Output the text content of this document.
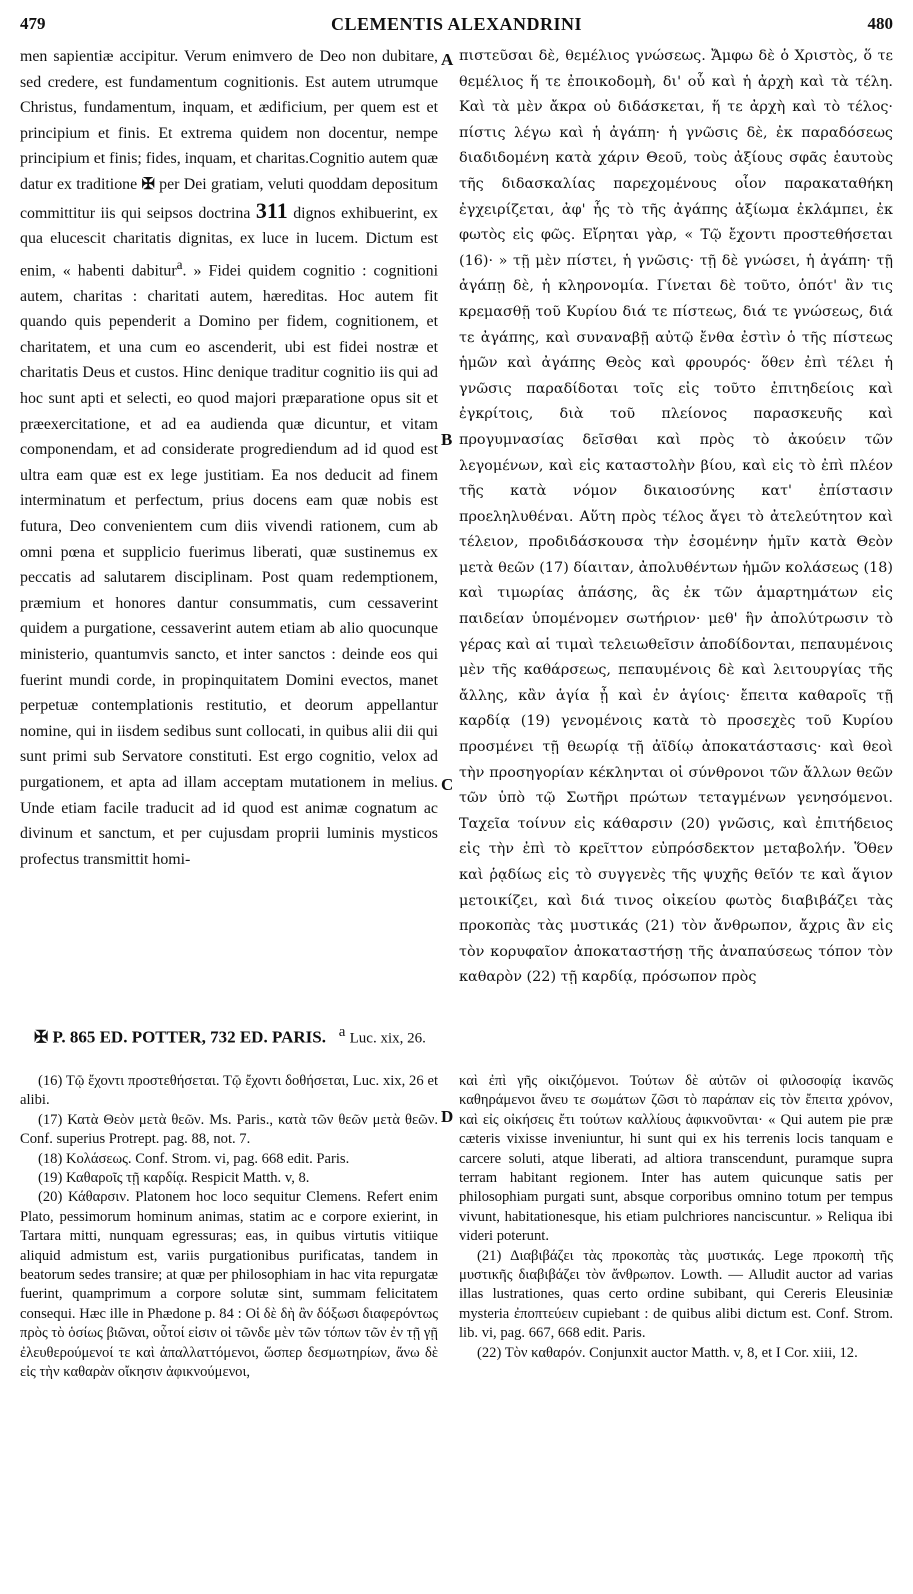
479	CLEMENTIS ALEXANDRINI	480

men sapientiæ accipitur. Verum enimvero de Deo non dubitare, sed credere, est fundamentum cognitionis. Est autem utrumque Christus, fundamentum, inquam, et ædificium, per quem est et principium et finis. Et extrema quidem non docentur, nempe principium et finis; fides, inquam, et charitas.Cognitio autem quæ datur ex traditione ✠ per Dei gratiam, veluti quoddam depositum committitur iis qui seipsos doctrina 311 dignos exhibuerint, ex qua elucescit charitatis dignitas, ex luce in lucem. Dictum est enim, « habenti dabitur$^a$. » Fidei quidem cognitio : cognitioni autem, charitas : charitati autem, hæreditas. Hoc autem fit quando quis pependerit a Domino per fidem, cognitionem, et charitatem, et una cum eo ascenderit, ubi est fidei nostræ et charitatis Deus et custos. Hinc denique traditur cognitio iis qui ad hoc sunt apti et selecti, eo quod majori præparatione opus sit et præexercitatione, et ad ea audienda quæ dicuntur, et vitam componendam, et ad considerate progrediendum ad id quod est ultra eam quæ est ex lege justitiam. Ea nos deducit ad finem interminatum et perfectum, prius docens eam quæ nobis est futura, Deo convenientem cum diis vivendi rationem, cum ab omni pœna et supplicio fuerimus liberati, quæ sustinemus ex peccatis ad salutarem disciplinam. Post quam redemptionem, præmium et honores dantur consummatis, cum cessaverint quidem a purgatione, cessaverint autem etiam ab alio quocunque ministerio, quantumvis sancto, et inter sanctos : deinde eos qui fuerint mundi corde, in propinquitatem Domini evectos, manet perpetuæ contemplationis restitutio, et deorum appellantur nomine, qui in iisdem sedibus sunt collocati, in quibus alii dii qui sunt primi sub Servatore constituti. Est ergo cognitio, velox ad purgationem, et apta ad illam acceptam mutationem in melius. Unde etiam facile traducit ad id quod est animæ cognatum ac divinum et sanctum, et per cujusdam proprii luminis mysticos profectus transmittit homi-

A
B
C
D

πιστεῦσαι δὲ, θεμέλιος γνώσεως. Ἄμφω δὲ ὁ Χριστὸς, ὅ τε θεμέλιος ἥ τε ἐποικοδομὴ, δι' οὗ καὶ ἡ ἀρχὴ καὶ τὰ τέλη. Καὶ τὰ μὲν ἄκρα οὐ διδάσκεται, ἥ τε ἀρχὴ καὶ τὸ τέλος· πίστις λέγω καὶ ἡ ἀγάπη· ἡ γνῶσις δὲ, ἐκ παραδόσεως διαδιδομένη κατὰ χάριν Θεοῦ, τοὺς ἀξίους σφᾶς ἑαυτοὺς τῆς διδασκαλίας παρεχομένους οἷον παρακαταθήκη ἐγχειρίζεται, ἀφ' ἧς τὸ τῆς ἀγάπης ἀξίωμα ἐκλάμπει, ἐκ φωτὸς εἰς φῶς. Εἴρηται γὰρ, « Τῷ ἔχοντι προστεθήσεται (16)· » τῇ μὲν πίστει, ἡ γνῶσις· τῇ δὲ γνώσει, ἡ ἀγάπη· τῇ ἀγάπῃ δὲ, ἡ κληρονομία. Γίνεται δὲ τοῦτο, ὁπότ' ἂν τις κρεμασθῇ τοῦ Κυρίου διά τε πίστεως, διά τε γνώσεως, διά τε ἀγάπης, καὶ συναναβῇ αὐτῷ ἔνθα ἐστὶν ὁ τῆς πίστεως ἡμῶν καὶ ἀγάπης Θεὸς καὶ φρουρός· ὅθεν ἐπὶ τέλει ἡ γνῶσις παραδίδοται τοῖς εἰς τοῦτο ἐπιτηδείοις καὶ ἐγκρίτοις, διὰ τοῦ πλείονος παρασκευῆς καὶ προγυμνασίας δεῖσθαι καὶ πρὸς τὸ ἀκούειν τῶν λεγομένων, καὶ εἰς καταστολὴν βίου, καὶ εἰς τὸ ἐπὶ πλέον τῆς κατὰ νόμον δικαιοσύνης κατ' ἐπίστασιν προεληλυθέναι. Αὕτη πρὸς τέλος ἄγει τὸ ἀτελεύτητον καὶ τέλειον, προδιδάσκουσα τὴν ἐσομένην ἡμῖν κατὰ Θεὸν μετὰ θεῶν (17) δίαιταν, ἀπολυθέντων ἡμῶν κολάσεως (18) καὶ τιμωρίας ἁπάσης, ἃς ἐκ τῶν ἁμαρτημάτων εἰς παιδείαν ὑπομένομεν σωτήριον· μεθ' ἣν ἀπολύτρωσιν τὸ γέρας καὶ αἱ τιμαὶ τελειωθεῖσιν ἀποδίδονται, πεπαυμένοις μὲν τῆς καθάρσεως, πεπαυμένοις δὲ καὶ λειτουργίας τῆς ἄλλης, κἂν ἁγία ᾖ καὶ ἐν ἁγίοις· ἔπειτα καθαροῖς τῇ καρδίᾳ (19) γενομένοις κατὰ τὸ προσεχὲς τοῦ Κυρίου προσμένει τῇ θεωρίᾳ τῇ ἀϊδίῳ ἀποκατάστασις· καὶ θεοὶ τὴν προσηγορίαν κέκληνται οἱ σύνθρονοι τῶν ἄλλων θεῶν τῶν ὑπὸ τῷ Σωτῆρι πρώτων τεταγμένων γενησόμενοι. Ταχεῖα τοίνυν εἰς κάθαρσιν (20) γνῶσις, καὶ ἐπιτήδειος εἰς τὴν ἐπὶ τὸ κρεῖττον εὐπρόσδεκτον μεταβολήν. Ὅθεν καὶ ῥᾳδίως εἰς τὸ συγγενὲς τῆς ψυχῆς θεῖόν τε καὶ ἅγιον μετοικίζει, καὶ διά τινος οἰκείου φωτὸς διαβιβάζει τὰς προκοπὰς τὰς μυστικάς (21) τὸν ἄνθρωπον, ἄχρις ἂν εἰς τὸν κορυφαῖον ἀποκαταστήσῃ τῆς ἀναπαύσεως τόπον τὸν καθαρὸν (22) τῇ καρδίᾳ, πρόσωπον πρὸς

✠ P. 865 ED. POTTER, 732 ED. PARIS. $^a$ Luc. xix, 26.

(16) Τῷ ἔχοντι προστεθήσεται. Τῷ ἔχοντι δοθήσεται, Luc. xix, 26 et alibi.

(17) Κατὰ Θεὸν μετὰ θεῶν. Ms. Paris., κατὰ τῶν θεῶν μετὰ θεῶν. Conf. superius Protrept. pag. 88, not. 7.

(18) Κολάσεως. Conf. Strom. vi, pag. 668 edit. Paris.

(19) Καθαροῖς τῇ καρδίᾳ. Respicit Matth. v, 8.

(20) Κάθαρσιν. Platonem hoc loco sequitur Clemens. Refert enim Plato, pessimorum hominum animas, statim ac e corpore exierint, in Tartara mitti, nunquam egressuras; eas, in quibus virtutis vitiique aliquid admistum est, variis purgationibus purificatas, tandem in beatorum sedes transire; at quæ per philosophiam in hac vita repurgatæ fuerint, quamprimum a corpore solutæ sint, summam felicitatem consequi. Hæc ille in Phædone p. 84 : Οἱ δὲ δὴ ἂν δόξωσι διαφερόντως πρὸς τὸ ὁσίως βιῶναι, οὗτοί εἰσιν οἱ τῶνδε μὲν τῶν τόπων τῶν ἐν τῇ γῇ ἐλευθερούμενοί τε καὶ ἀπαλλαττόμενοι, ὥσπερ δεσμωτηρίων, ἄνω δὲ εἰς τὴν καθαρὰν οἴκησιν ἀφικνούμενοι,

καὶ ἐπὶ γῆς οἰκιζόμενοι. Τούτων δὲ αὐτῶν οἱ φιλοσοφίᾳ ἱκανῶς καθηράμενοι ἄνευ τε σωμάτων ζῶσι τὸ παράπαν εἰς τὸν ἔπειτα χρόνον, καὶ εἰς οἰκήσεις ἔτι τούτων καλλίους ἀφικνοῦνται· « Qui autem pie præ cæteris vixisse inveniuntur, hi sunt qui ex his terrenis locis tanquam e carcere soluti, atque liberati, ad altiora transcendunt, puramque supra terram habitant regionem. Inter has autem quicunque satis per philosophiam purgati sunt, absque corporibus omnino totum per tempus vivunt, habitationesque, his etiam pulchriores nanciscuntur. » Reliqua ibi videri poterunt.

(21) Διαβιβάζει τὰς προκοπὰς τὰς μυστικάς. Lege προκοπὴ τῆς μυστικῆς διαβιβάζει τὸν ἄνθρωπον. Lowth. — Alludit auctor ad varias illas lustrationes, quas certo ordine subibant, qui Cereris Eleusiniæ mysteria ἐποπτεύειν cupiebant : de quibus alibi dictum est. Conf. Strom. lib. vi, pag. 667, 668 edit. Paris.

(22) Τὸν καθαρόν. Conjunxit auctor Matth. v, 8, et I Cor. xiii, 12.
